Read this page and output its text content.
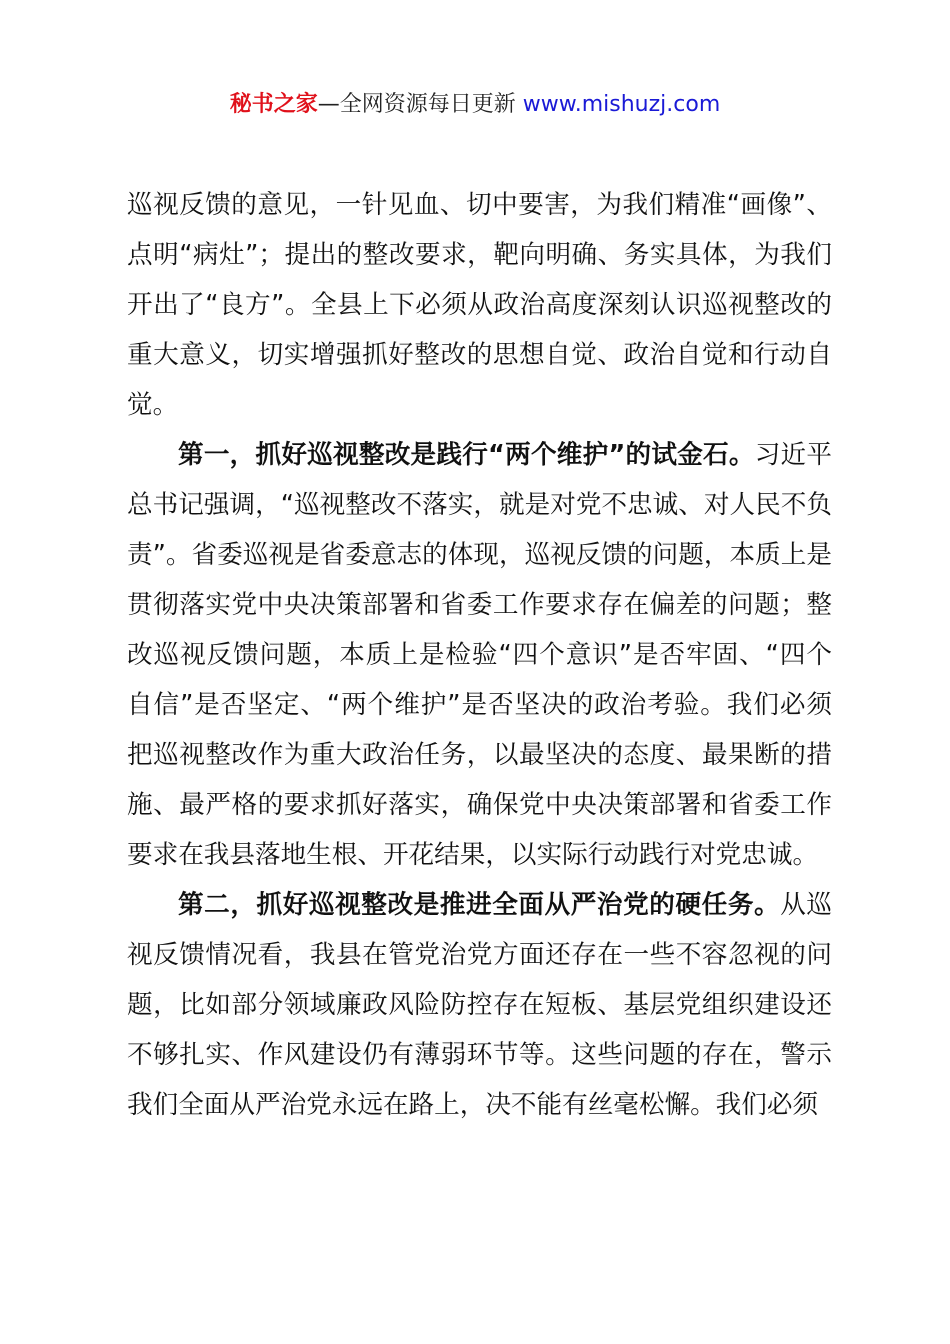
秘书之家—全网资源每日更新 www.mishuzj.com

巡视反馈的意见，一针见血、切中要害，为我们精准“画像”、点明“病灶”；提出的整改要求，靶向明确、务实具体，为我们开出了“良方”。全县上下必须从政治高度深刻认识巡视整改的重大意义，切实增强抓好整改的思想自觉、政治自觉和行动自觉。

第一，抓好巡视整改是践行“两个维护”的试金石。习近平总书记强调，“巡视整改不落实，就是对党不忠诚、对人民不负责”。省委巡视是省委意志的体现，巡视反馈的问题，本质上是贯彻落实党中央决策部署和省委工作要求存在偏差的问题；整改巡视反馈问题，本质上是检验“四个意识”是否牢固、“四个自信”是否坚定、“两个维护”是否坚决的政治考验。我们必须把巡视整改作为重大政治任务，以最坚决的态度、最果断的措施、最严格的要求抓好落实，确保党中央决策部署和省委工作要求在我县落地生根、开花结果，以实际行动践行对党忠诚。

第二，抓好巡视整改是推进全面从严治党的硬任务。从巡视反馈情况看，我县在管党治党方面还存在一些不容忽视的问题，比如部分领域廉政风险防控存在短板、基层党组织建设还不够扎实、作风建设仍有薄弱环节等。这些问题的存在，警示我们全面从严治党永远在路上，决不能有丝毫松懈。我们必须
